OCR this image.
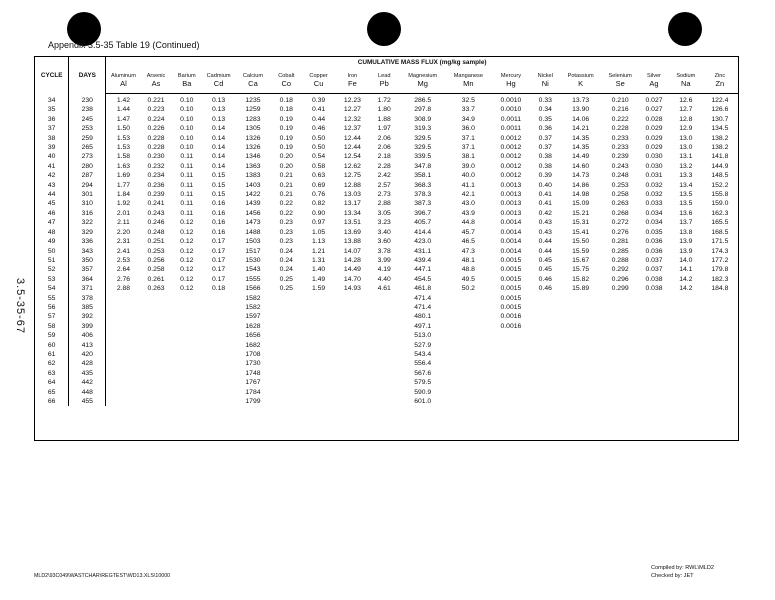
Appendix 3.5-35 Table 19 (Continued)
3.5-35-67
CYCLE	DAYS	CUMULATIVE MASS FLUX (mg/kg sample)																	
		Aluminum	Arsenic	Barium	Cadmium	Calcium	Cobalt	Copper	Iron	Lead	Magnesium	Manganese	Mercury	Nickel	Potassium	Selenium	Silver	Sodium	Zinc
		Al	As	Ba	Cd	Ca	Co	Cu	Fe	Pb	Mg	Mn	Hg	Ni	K	Se	Ag	Na	Zn
34	230	1.42	0.221	0.10	0.13	1235	0.18	0.39	12.23	1.72	286.5	32.5	0.0010	0.33	13.73	0.210	0.027	12.6	122.4
35	238	1.44	0.223	0.10	0.13	1259	0.18	0.41	12.27	1.80	297.8	33.7	0.0010	0.34	13.90	0.216	0.027	12.7	126.6
36	245	1.47	0.224	0.10	0.13	1283	0.19	0.44	12.32	1.88	308.9	34.9	0.0011	0.35	14.06	0.222	0.028	12.8	130.7
37	253	1.50	0.226	0.10	0.14	1305	0.19	0.46	12.37	1.97	319.3	36.0	0.0011	0.36	14.21	0.228	0.029	12.9	134.5
38	259	1.53	0.228	0.10	0.14	1326	0.19	0.50	12.44	2.06	329.5	37.1	0.0012	0.37	14.35	0.233	0.029	13.0	138.2
39	265	1.53	0.228	0.10	0.14	1326	0.19	0.50	12.44	2.06	329.5	37.1	0.0012	0.37	14.35	0.233	0.029	13.0	138.2
40	273	1.58	0.230	0.11	0.14	1346	0.20	0.54	12.54	2.18	339.5	38.1	0.0012	0.38	14.49	0.239	0.030	13.1	141.8
41	280	1.63	0.232	0.11	0.14	1363	0.20	0.58	12.62	2.28	347.8	39.0	0.0012	0.38	14.60	0.243	0.030	13.2	144.9
42	287	1.69	0.234	0.11	0.15	1383	0.21	0.63	12.75	2.42	358.1	40.0	0.0012	0.39	14.73	0.248	0.031	13.3	148.5
43	294	1.77	0.236	0.11	0.15	1403	0.21	0.69	12.88	2.57	368.3	41.1	0.0013	0.40	14.86	0.253	0.032	13.4	152.2
44	301	1.84	0.239	0.11	0.15	1422	0.21	0.76	13.03	2.73	378.3	42.1	0.0013	0.41	14.98	0.258	0.032	13.5	155.8
45	310	1.92	0.241	0.11	0.16	1439	0.22	0.82	13.17	2.88	387.3	43.0	0.0013	0.41	15.09	0.263	0.033	13.5	159.0
46	316	2.01	0.243	0.11	0.16	1456	0.22	0.90	13.34	3.05	396.7	43.9	0.0013	0.42	15.21	0.268	0.034	13.6	162.3
47	322	2.11	0.246	0.12	0.16	1473	0.23	0.97	13.51	3.23	405.7	44.8	0.0014	0.43	15.31	0.272	0.034	13.7	165.5
48	329	2.20	0.248	0.12	0.16	1488	0.23	1.05	13.69	3.40	414.4	45.7	0.0014	0.43	15.41	0.276	0.035	13.8	168.5
49	336	2.31	0.251	0.12	0.17	1503	0.23	1.13	13.88	3.60	423.0	46.5	0.0014	0.44	15.50	0.281	0.036	13.9	171.5
50	343	2.41	0.253	0.12	0.17	1517	0.24	1.21	14.07	3.78	431.1	47.3	0.0014	0.44	15.59	0.285	0.036	13.9	174.3
51	350	2.53	0.256	0.12	0.17	1530	0.24	1.31	14.28	3.99	439.4	48.1	0.0015	0.45	15.67	0.288	0.037	14.0	177.2
52	357	2.64	0.258	0.12	0.17	1543	0.24	1.40	14.49	4.19	447.1	48.8	0.0015	0.45	15.75	0.292	0.037	14.1	179.8
53	364	2.76	0.261	0.12	0.17	1555	0.25	1.49	14.70	4.40	454.5	49.5	0.0015	0.46	15.82	0.296	0.038	14.2	182.3
54	371	2.88	0.263	0.12	0.18	1566	0.25	1.59	14.93	4.61	461.8	50.2	0.0015	0.46	15.89	0.299	0.038	14.2	184.8
55	378					1582					471.4		0.0015						
56	385					1582					471.4		0.0015						
57	392					1597					480.1		0.0016						
58	399					1628					497.1		0.0016						
59	406					1656					513.0								
60	413					1682					527.9								
61	420					1708					543.4								
62	428					1730					556.4								
63	435					1748					567.6								
64	442					1767					579.5								
65	448					1784					590.9								
66	455					1799					601.0								
MLD2\93C049\WASTCHAR\REGTEST\WD13.XLS\10000
Compiled by: RWL\MLD2
Checked by: JET
